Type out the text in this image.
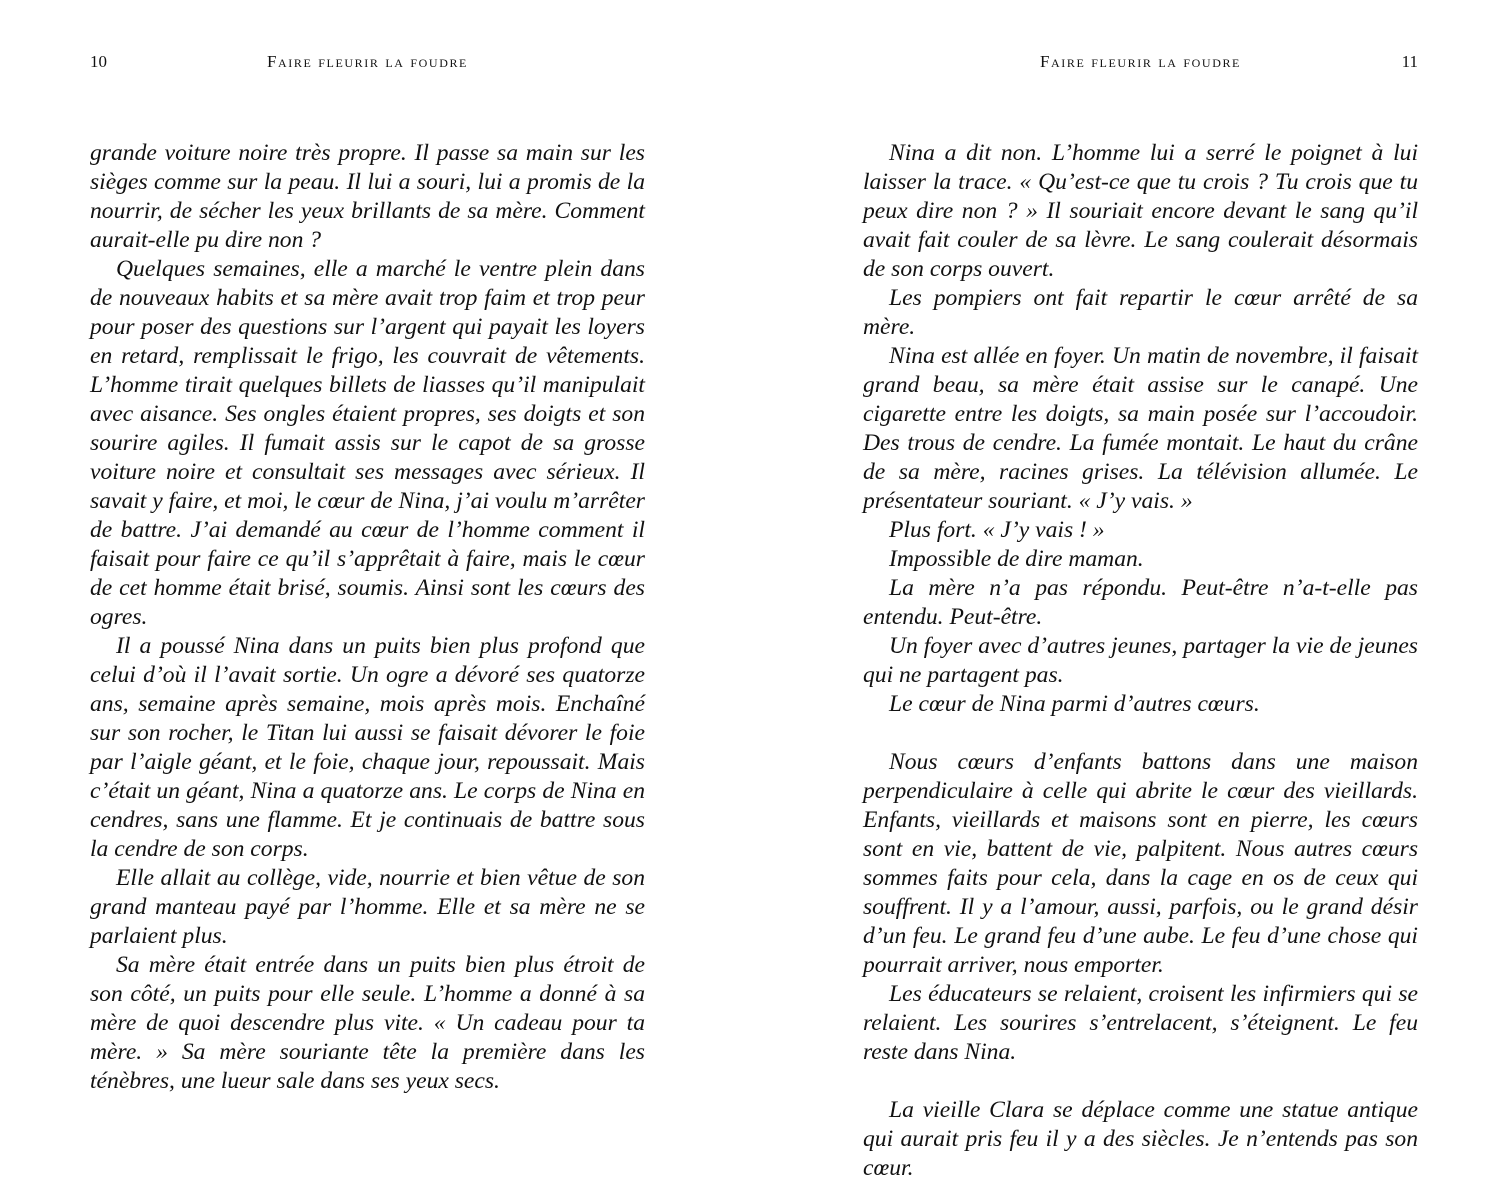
10	Faire fleurir la foudre

grande voiture noire très propre. Il passe sa main sur les sièges comme sur la peau. Il lui a souri, lui a promis de la nourrir, de sécher les yeux brillants de sa mère. Comment aurait-elle pu dire non ?

Quelques semaines, elle a marché le ventre plein dans de nouveaux habits et sa mère avait trop faim et trop peur pour poser des questions sur l’argent qui payait les loyers en retard, remplissait le frigo, les couvrait de vêtements. L’homme tirait quelques billets de liasses qu’il manipulait avec aisance. Ses ongles étaient propres, ses doigts et son sourire agiles. Il fumait assis sur le capot de sa grosse voiture noire et consultait ses messages avec sérieux. Il savait y faire, et moi, le cœur de Nina, j’ai voulu m’arrêter de battre. J’ai demandé au cœur de l’homme comment il faisait pour faire ce qu’il s’apprêtait à faire, mais le cœur de cet homme était brisé, soumis. Ainsi sont les cœurs des ogres.

Il a poussé Nina dans un puits bien plus profond que celui d’où il l’avait sortie. Un ogre a dévoré ses quatorze ans, semaine après semaine, mois après mois. Enchaîné sur son rocher, le Titan lui aussi se faisait dévorer le foie par l’aigle géant, et le foie, chaque jour, repoussait. Mais c’était un géant, Nina a quatorze ans. Le corps de Nina en cendres, sans une flamme. Et je continuais de battre sous la cendre de son corps.

Elle allait au collège, vide, nourrie et bien vêtue de son grand manteau payé par l’homme. Elle et sa mère ne se parlaient plus.

Sa mère était entrée dans un puits bien plus étroit de son côté, un puits pour elle seule. L’homme a donné à sa mère de quoi descendre plus vite. « Un cadeau pour ta mère. » Sa mère souriante tête la première dans les ténèbres, une lueur sale dans ses yeux secs.

Faire fleurir la foudre	11

Nina a dit non. L’homme lui a serré le poignet à lui laisser la trace. « Qu’est-ce que tu crois ? Tu crois que tu peux dire non ? » Il souriait encore devant le sang qu’il avait fait couler de sa lèvre. Le sang coulerait désormais de son corps ouvert.

Les pompiers ont fait repartir le cœur arrêté de sa mère.

Nina est allée en foyer. Un matin de novembre, il faisait grand beau, sa mère était assise sur le canapé. Une cigarette entre les doigts, sa main posée sur l’accoudoir. Des trous de cendre. La fumée montait. Le haut du crâne de sa mère, racines grises. La télévision allumée. Le présentateur souriant. « J’y vais. »

Plus fort. « J’y vais ! »

Impossible de dire maman.

La mère n’a pas répondu. Peut-être n’a-t-elle pas entendu. Peut-être.

Un foyer avec d’autres jeunes, partager la vie de jeunes qui ne partagent pas.

Le cœur de Nina parmi d’autres cœurs.

Nous cœurs d’enfants battons dans une maison perpendiculaire à celle qui abrite le cœur des vieillards. Enfants, vieillards et maisons sont en pierre, les cœurs sont en vie, battent de vie, palpitent. Nous autres cœurs sommes faits pour cela, dans la cage en os de ceux qui souffrent. Il y a l’amour, aussi, parfois, ou le grand désir d’un feu. Le grand feu d’une aube. Le feu d’une chose qui pourrait arriver, nous emporter.

Les éducateurs se relaient, croisent les infirmiers qui se relaient. Les sourires s’entrelacent, s’éteignent. Le feu reste dans Nina.

La vieille Clara se déplace comme une statue antique qui aurait pris feu il y a des siècles. Je n’entends pas son cœur.
